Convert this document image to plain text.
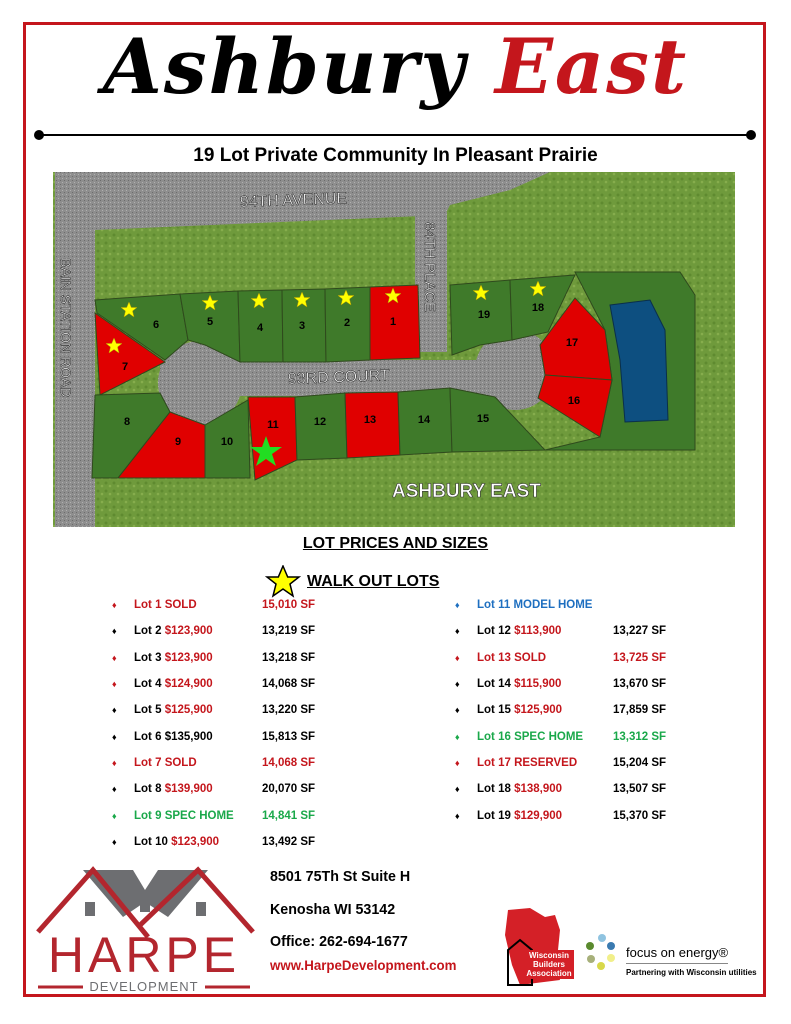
Ashbury East
19 Lot Private Community In Pleasant Prairie
1
2
3
4
5
6
7
8
9	10
11	12	13	14	15
16
17
18
19
94TH AVENUE
84TH PLACE
93RD COURT
BAIN STATION ROAD
ASHBURY EAST
LOT PRICES AND SIZES
WALK OUT LOTS
♦	Lot 1 SOLD	15,010 SF
♦	Lot 2 $123,900	13,219 SF
♦	Lot 3 $123,900	13,218 SF
♦	Lot 4 $124,900	14,068 SF
♦	Lot 5 $125,900	13,220 SF
♦	Lot 6 $135,900	15,813 SF
♦	Lot 7 SOLD	14,068 SF
♦	Lot 8 $139,900	20,070 SF
♦	Lot 9 SPEC HOME	14,841 SF
♦	Lot 10 $123,900	13,492 SF
♦	Lot 11 MODEL HOME
♦	Lot 12 $113,900	13,227 SF
♦	Lot 13 SOLD	13,725 SF
♦	Lot 14 $115,900	13,670 SF
♦	Lot 15 $125,900	17,859 SF
♦	Lot 16 SPEC HOME	13,312 SF
♦	Lot 17 RESERVED	15,204 SF
♦	Lot 18 $138,900	13,507 SF
♦	Lot 19 $129,900	15,370 SF
HARPE
DEVELOPMENT
8501 75Th St Suite H
Kenosha WI 53142
Office: 262-694-1677
www.HarpeDevelopment.com
Wisconsin Builders Association
focus on energy®
Partnering with Wisconsin utilities
